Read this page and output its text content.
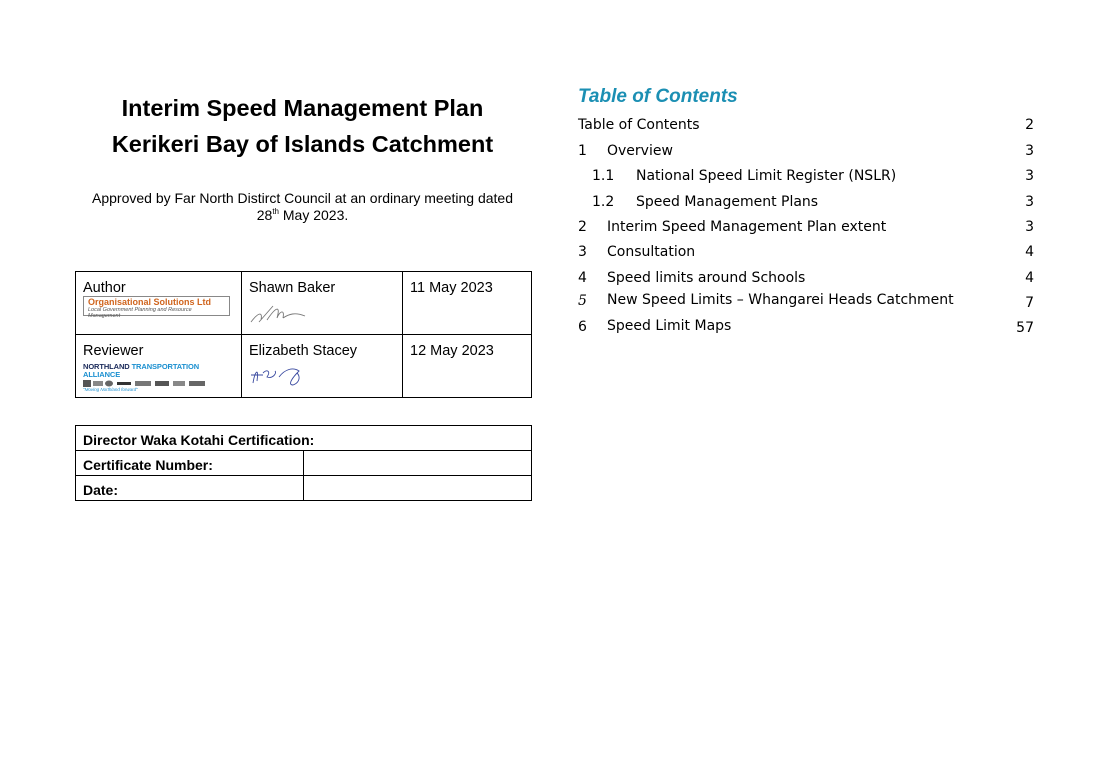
Interim Speed Management Plan
Kerikeri Bay of Islands Catchment
Approved by Far North Distirct Council at an ordinary meeting dated
28th May 2023.
Author
Organisational Solutions Ltd
Local Government Planning and Resource Management	Shawn Baker	11 May 2023

Reviewer
NORTHLAND TRANSPORTATION ALLIANCE
"Moving Northland forward"	Elizabeth Stacey	12 May 2023
Director Waka Kotahi Certification:	
Certificate Number:	
Date:	
Table of Contents
Table of Contents	2
1 Overview	3
1.1 National Speed Limit Register (NSLR)	3
1.2 Speed Management Plans	3
2 Interim Speed Management Plan extent	3
3 Consultation	4
4 Speed limits around Schools	4
5 New Speed Limits – Whangarei Heads Catchment	7
6 Speed Limit Maps	57
